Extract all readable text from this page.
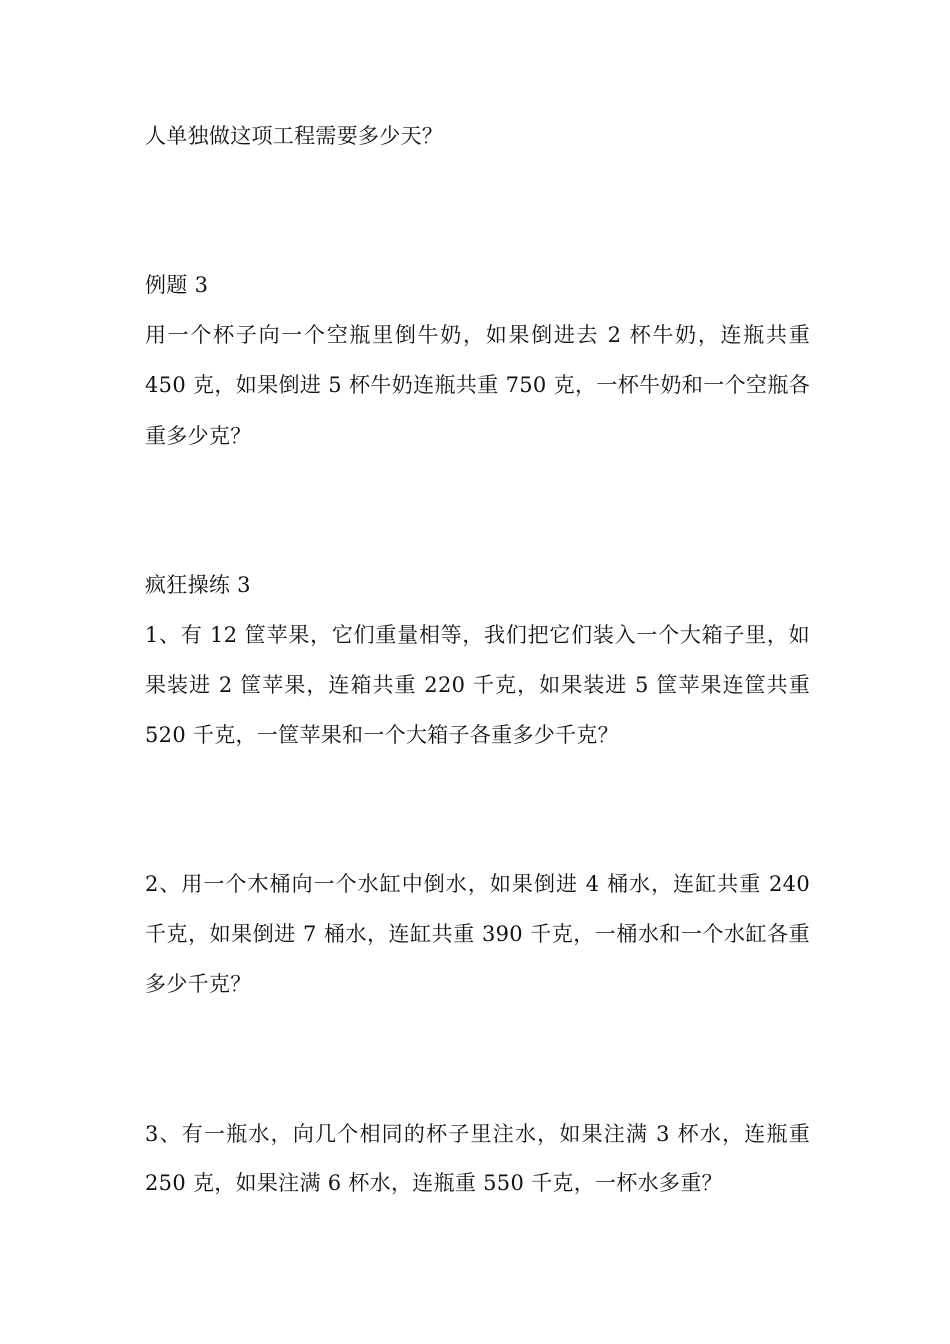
人单独做这项工程需要多少天？
例题 3
用一个杯子向一个空瓶里倒牛奶，如果倒进去 2 杯牛奶，连瓶共重
450 克，如果倒进 5 杯牛奶连瓶共重 750 克，一杯牛奶和一个空瓶各
重多少克？
疯狂操练 3
1、有 12 筐苹果，它们重量相等，我们把它们装入一个大箱子里，如
果装进 2 筐苹果，连箱共重 220 千克，如果装进 5 筐苹果连筐共重
520 千克，一筐苹果和一个大箱子各重多少千克？
2、用一个木桶向一个水缸中倒水，如果倒进 4 桶水，连缸共重 240
千克，如果倒进 7 桶水，连缸共重 390 千克，一桶水和一个水缸各重
多少千克？
3、有一瓶水，向几个相同的杯子里注水，如果注满 3 杯水，连瓶重
250 克，如果注满 6 杯水，连瓶重 550 千克，一杯水多重？
